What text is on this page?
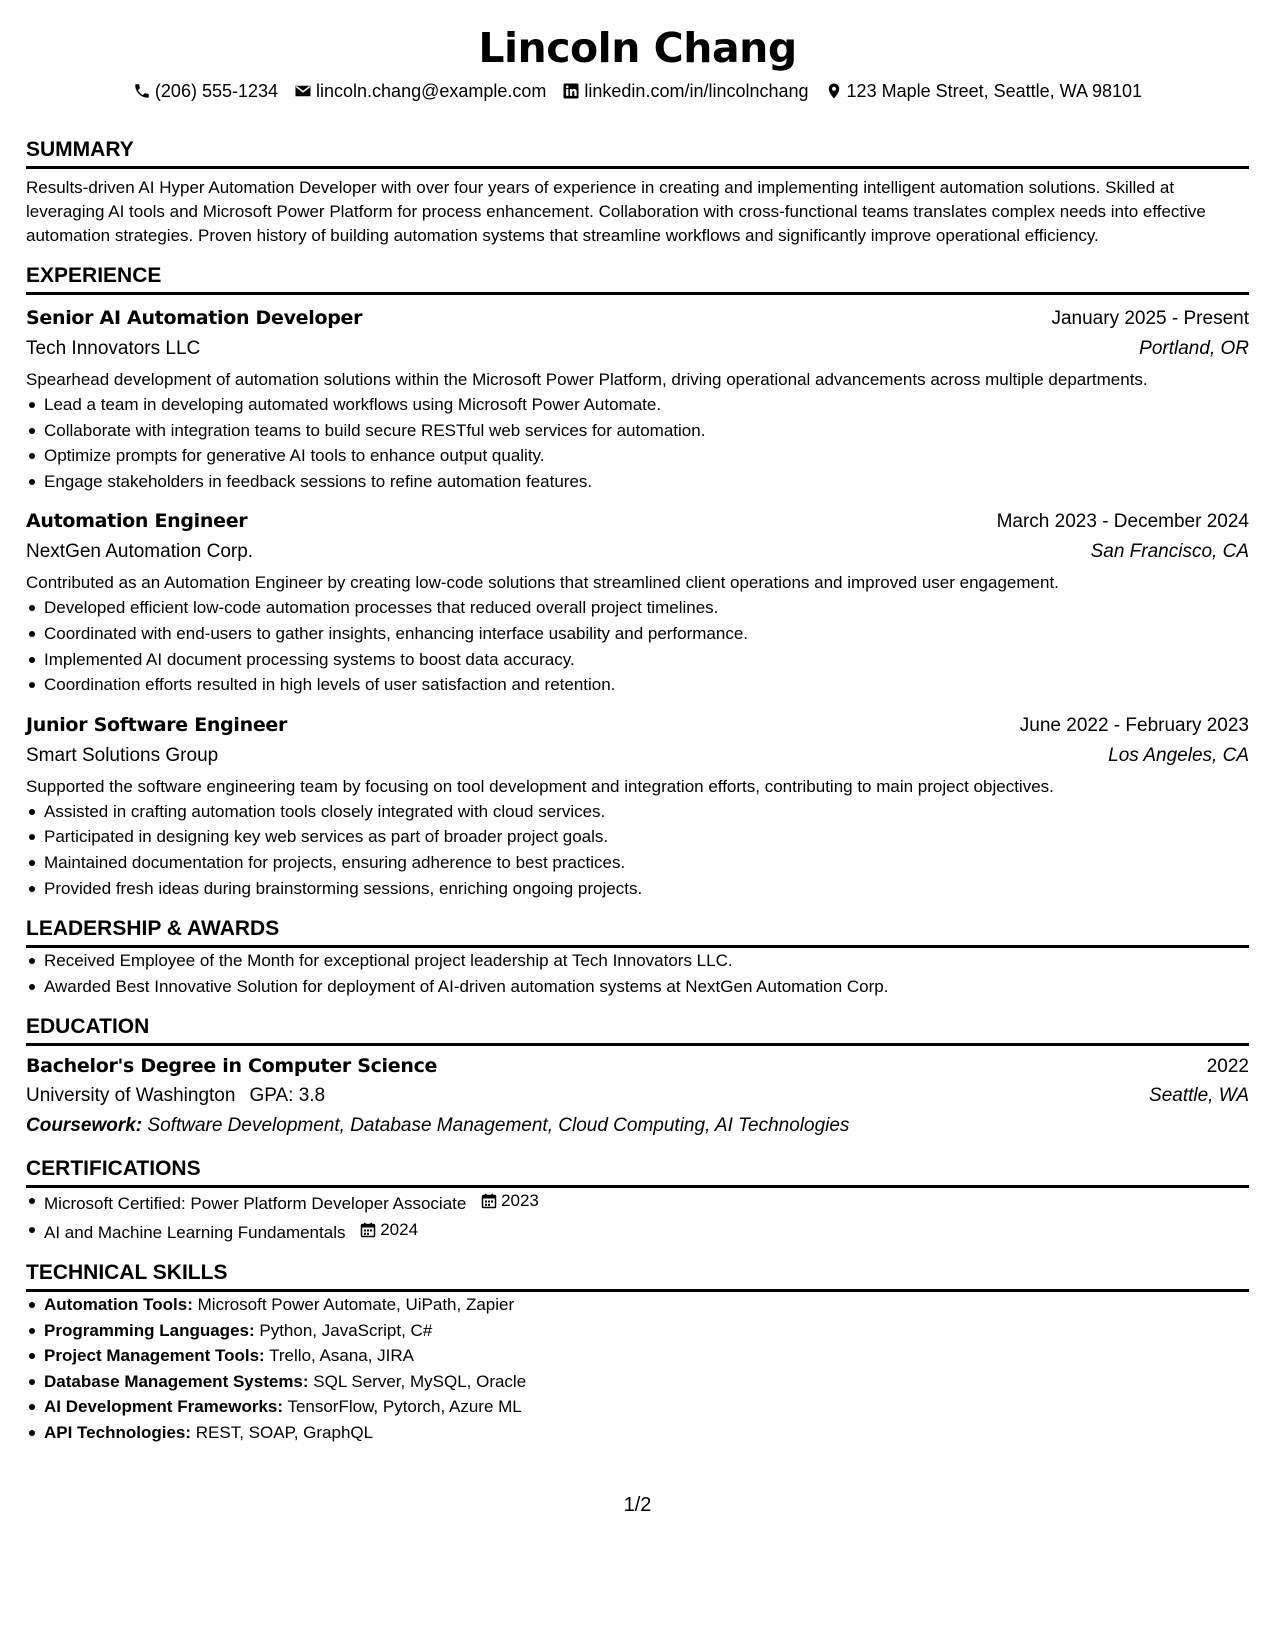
Lincoln Chang
(206) 555-1234 lincoln.chang@example.com linkedin.com/in/lincolnchang 123 Maple Street, Seattle, WA 98101
SUMMARY

Results-driven AI Hyper Automation Developer with over four years of experience in creating and implementing intelligent automation solutions. Skilled at leveraging AI tools and Microsoft Power Platform for process enhancement. Collaboration with cross-functional teams translates complex needs into effective automation strategies. Proven history of building automation systems that streamline workflows and significantly improve operational efficiency.

EXPERIENCE
Senior AI Automation Developer	January 2025 - Present
Tech Innovators LLC	Portland, OR

Spearhead development of automation solutions within the Microsoft Power Platform, driving operational advancements across multiple departments.

Lead a team in developing automated workflows using Microsoft Power Automate.
Collaborate with integration teams to build secure RESTful web services for automation.
Optimize prompts for generative AI tools to enhance output quality.
Engage stakeholders in feedback sessions to refine automation features.
Automation Engineer	March 2023 - December 2024
NextGen Automation Corp.	San Francisco, CA

Contributed as an Automation Engineer by creating low-code solutions that streamlined client operations and improved user engagement.

Developed efficient low-code automation processes that reduced overall project timelines.
Coordinated with end-users to gather insights, enhancing interface usability and performance.
Implemented AI document processing systems to boost data accuracy.
Coordination efforts resulted in high levels of user satisfaction and retention.
Junior Software Engineer	June 2022 - February 2023
Smart Solutions Group	Los Angeles, CA

Supported the software engineering team by focusing on tool development and integration efforts, contributing to main project objectives.

Assisted in crafting automation tools closely integrated with cloud services.
Participated in designing key web services as part of broader project goals.
Maintained documentation for projects, ensuring adherence to best practices.
Provided fresh ideas during brainstorming sessions, enriching ongoing projects.
LEADERSHIP & AWARDS
Received Employee of the Month for exceptional project leadership at Tech Innovators LLC.
Awarded Best Innovative Solution for deployment of AI-driven automation systems at NextGen Automation Corp.
EDUCATION
Bachelor's Degree in Computer Science	2022
University of Washington GPA: 3.8	Seattle, WA
Coursework: Software Development, Database Management, Cloud Computing, AI Technologies
CERTIFICATIONS
Microsoft Certified: Power Platform Developer Associate 2023
AI and Machine Learning Fundamentals 2024
TECHNICAL SKILLS
Automation Tools: Microsoft Power Automate, UiPath, Zapier
Programming Languages: Python, JavaScript, C#
Project Management Tools: Trello, Asana, JIRA
Database Management Systems: SQL Server, MySQL, Oracle
AI Development Frameworks: TensorFlow, Pytorch, Azure ML
API Technologies: REST, SOAP, GraphQL
1/2
